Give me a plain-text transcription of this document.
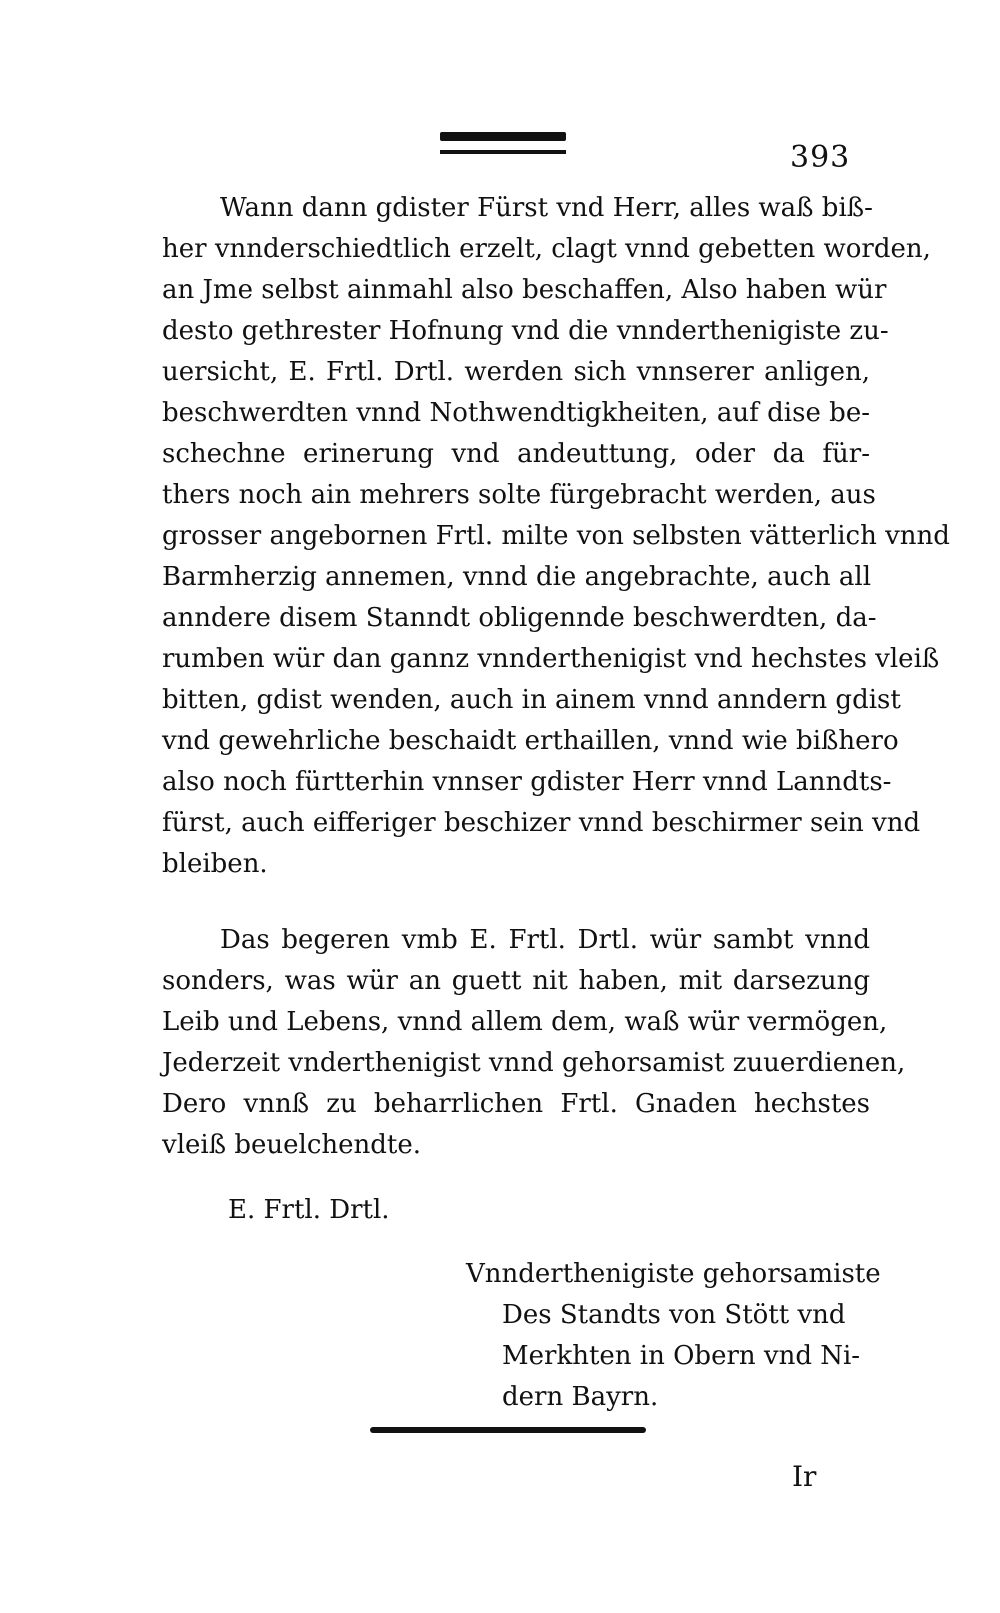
393
Wann dann gdister Fürst vnd Herr, alles waß biß-
her vnnderschiedtlich erzelt, clagt vnnd gebetten worden,
an Jme selbst ainmahl also beschaffen, Also haben wür
desto gethrester Hofnung vnd die vnnderthenigiste zu-
uersicht, E. Frtl. Drtl. werden sich vnnserer anligen,
beschwerdten vnnd Nothwendtigkheiten, auf dise be-
schechne erinerung vnd andeuttung, oder da für-
thers noch ain mehrers solte fürgebracht werden, aus
grosser angebornen Frtl. milte von selbsten vätterlich vnnd
Barmherzig annemen, vnnd die angebrachte, auch all
anndere disem Stanndt obligennde beschwerdten, da-
rumben wür dan gannz vnnderthenigist vnd hechstes vleiß
bitten, gdist wenden, auch in ainem vnnd anndern gdist
vnd gewehrliche beschaidt erthaillen, vnnd wie bißhero
also noch fürtterhin vnnser gdister Herr vnnd Lanndts-
fürst, auch eifferiger beschizer vnnd beschirmer sein vnd
bleiben.
Das begeren vmb E. Frtl. Drtl. wür sambt vnnd
sonders, was wür an guett nit haben, mit darsezung
Leib und Lebens, vnnd allem dem, waß wür vermögen,
Jederzeit vnderthenigist vnnd gehorsamist zuuerdienen,
Dero vnnß zu beharrlichen Frtl. Gnaden hechstes
vleiß beuelchendte.
E. Frtl. Drtl.
Vnnderthenigiste gehorsamiste
Des Standts von Stött vnd
Merkhten in Obern vnd Ni-
dern Bayrn.
Ir
